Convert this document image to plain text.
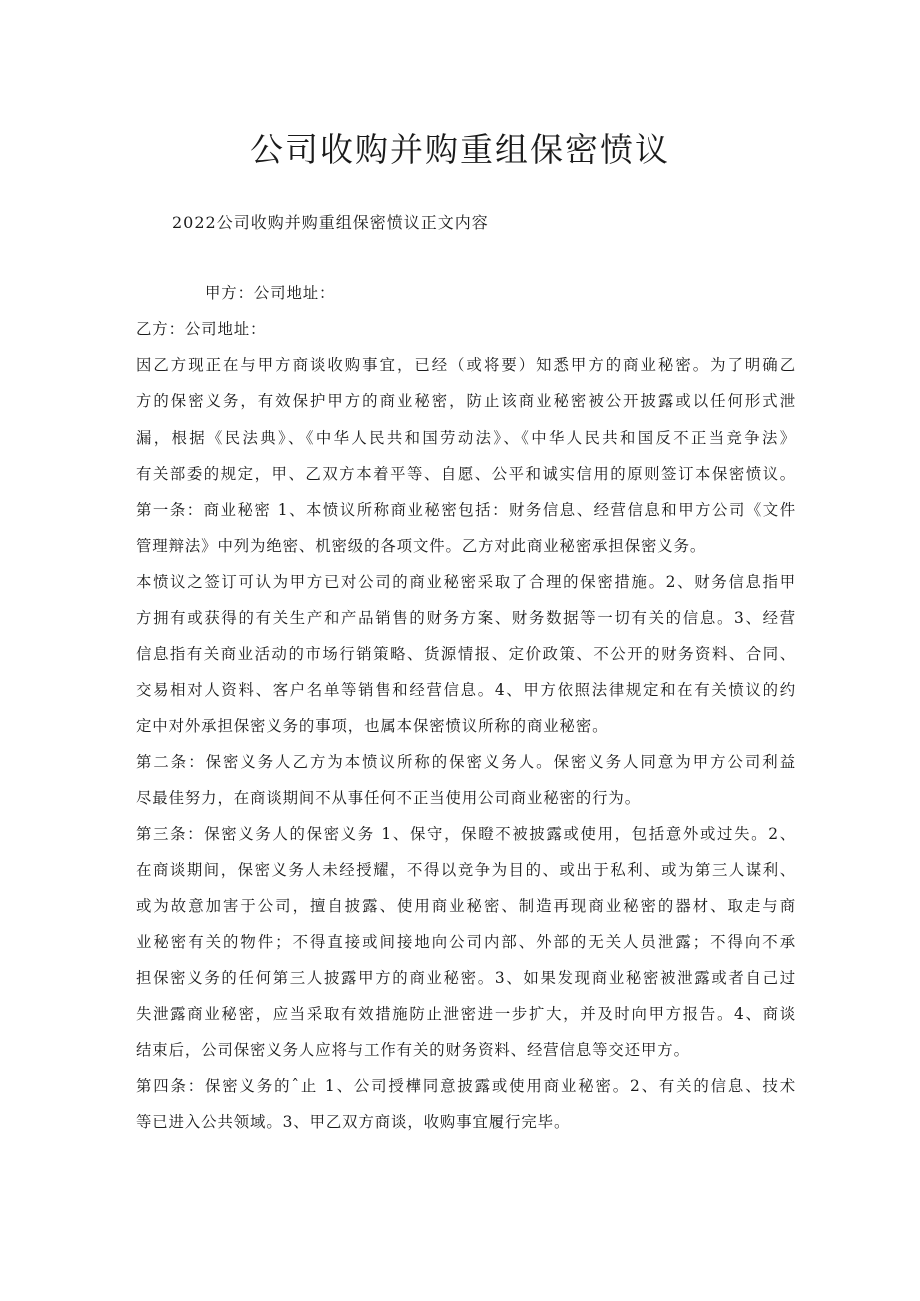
公司收购并购重组保密愤议

2022公司收购并购重组保密愤议正文内容

甲方：公司地址：

乙方：公司地址：

因乙方现正在与甲方商谈收购事宜，已经（或将要）知悉甲方的商业秘密。为了明确乙

方的保密义务，有效保护甲方的商业秘密，防止该商业秘密被公开披露或以任何形式泄

漏，根据《民法典》、《中华人民共和国劳动法》、《中华人民共和国反不正当竞争法》

有关部委的规定，甲、乙双方本着平等、自愿、公平和诚实信用的原则签订本保密愤议。

第一条：商业秘密 1、本愤议所称商业秘密包括：财务信息、经营信息和甲方公司《文件

管理辩法》中列为绝密、机密级的各项文件。乙方对此商业秘密承担保密义务。

本愤议之签订可认为甲方已对公司的商业秘密采取了合理的保密措施。2、财务信息指甲

方拥有或获得的有关生产和产品销售的财务方案、财务数据等一切有关的信息。3、经营

信息指有关商业活动的市场行销策略、货源情报、定价政策、不公开的财务资料、合同、

交易相对人资料、客户名单等销售和经营信息。4、甲方依照法律规定和在有关愤议的约

定中对外承担保密义务的事项，也属本保密愤议所称的商业秘密。

第二条：保密义务人乙方为本愤议所称的保密义务人。保密义务人同意为甲方公司利益

尽最佳努力，在商谈期间不从事任何不正当使用公司商业秘密的行为。

第三条：保密义务人的保密义务 1、保守，保瞪不被披露或使用，包括意外或过失。2、

在商谈期间，保密义务人未经授耀，不得以竞争为目的、或出于私利、或为第三人谋利、

或为故意加害于公司，擅自披露、使用商业秘密、制造再现商业秘密的器材、取走与商

业秘密有关的物件；不得直接或间接地向公司内部、外部的无关人员泄露；不得向不承

担保密义务的任何第三人披露甲方的商业秘密。3、如果发现商业秘密被泄露或者自己过

失泄露商业秘密，应当采取有效措施防止泄密进一步扩大，并及时向甲方报告。4、商谈

结束后，公司保密义务人应将与工作有关的财务资料、经营信息等交还甲方。

第四条：保密义务的ˆ止 1、公司授樺同意披露或使用商业秘密。2、有关的信息、技术

等已进入公共领域。3、甲乙双方商谈，收购事宜履行完毕。
